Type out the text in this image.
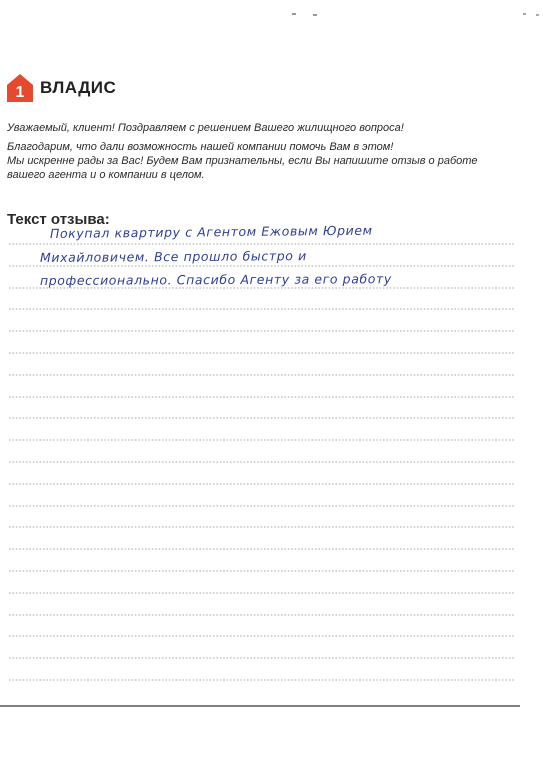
1 ВЛАДИС

Уважаемый, клиент! Поздравляем с решением Вашего жилищного вопроса!

Благодарим, что дали возможность нашей компании помочь Вам в этом!

Мы искренне рады за Вас! Будем Вам признательны, если Вы напишите отзыв о работе

вашего агента и о компании в целом.

Текст отзыва:
Покупал квартиру с Агентом Ежовым Юрием
Михайловичем. Все прошло быстро и
профессионально. Спасибо Агенту за его работу
